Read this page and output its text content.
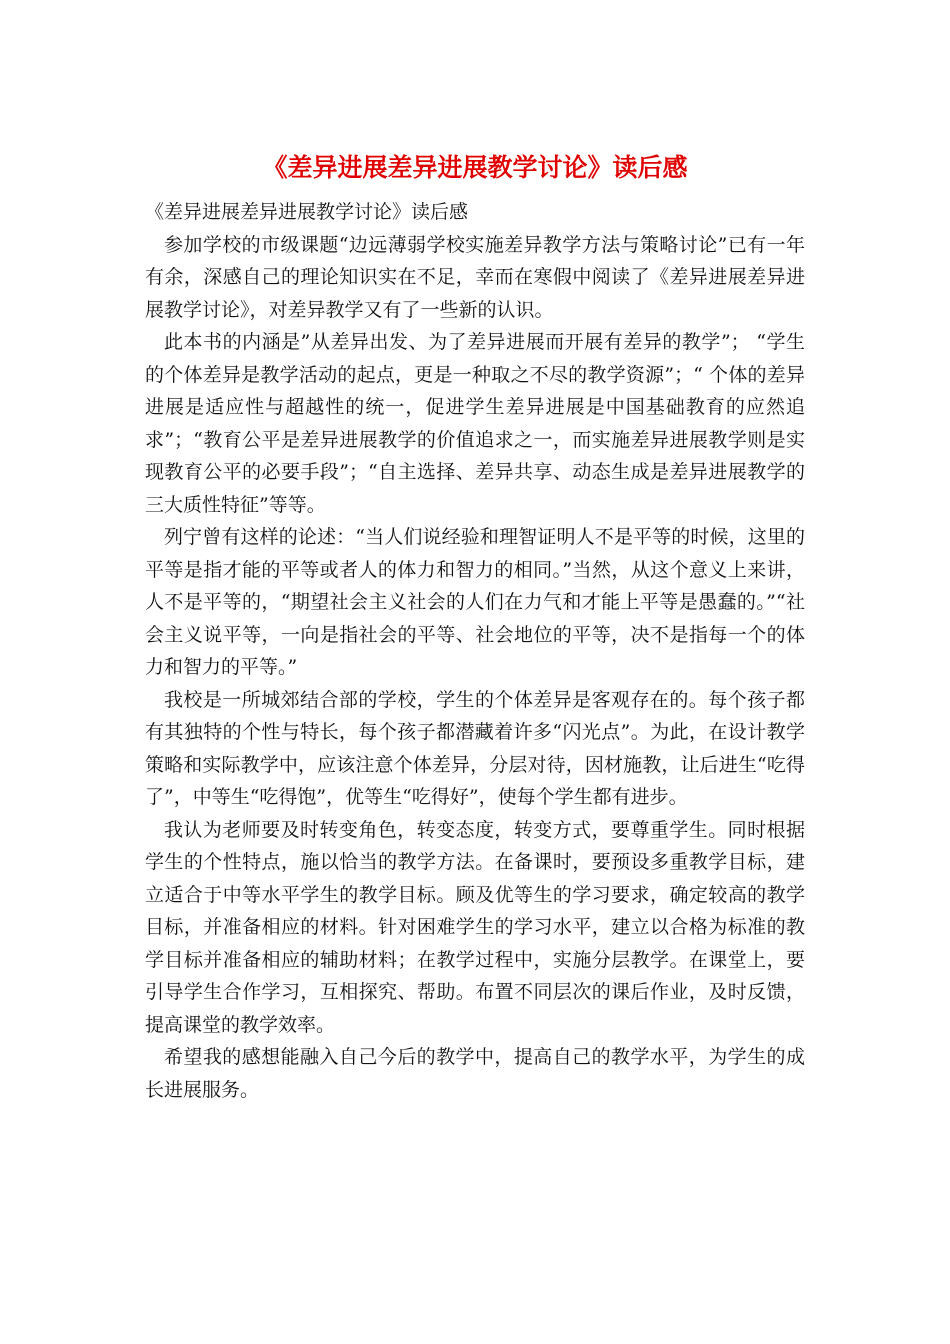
《差异进展差异进展教学讨论》读后感

《差异进展差异进展教学讨论》读后感

参加学校的市级课题“边远薄弱学校实施差异教学方法与策略讨论”已有一年有余，深感自己的理论知识实在不足，幸而在寒假中阅读了《差异进展差异进展教学讨论》，对差异教学又有了一些新的认识。

此本书的内涵是”从差异出发、为了差异进展而开展有差异的教学”； “学生的个体差异是教学活动的起点，更是一种取之不尽的教学资源”；“ 个体的差异进展是适应性与超越性的统一，促进学生差异进展是中国基础教育的应然追求”；“教育公平是差异进展教学的价值追求之一，而实施差异进展教学则是实现教育公平的必要手段”；“自主选择、差异共享、动态生成是差异进展教学的三大质性特征”等等。

列宁曾有这样的论述：“当人们说经验和理智证明人不是平等的时候，这里的平等是指才能的平等或者人的体力和智力的相同。”当然，从这个意义上来讲，人不是平等的，“期望社会主义社会的人们在力气和才能上平等是愚蠢的。”“社会主义说平等，一向是指社会的平等、社会地位的平等，决不是指每一个的体力和智力的平等。”

我校是一所城郊结合部的学校，学生的个体差异是客观存在的。每个孩子都有其独特的个性与特长，每个孩子都潜藏着许多“闪光点”。为此，在设计教学策略和实际教学中，应该注意个体差异，分层对待，因材施教，让后进生“吃得了”，中等生“吃得饱”，优等生“吃得好”，使每个学生都有进步。

我认为老师要及时转变角色，转变态度，转变方式，要尊重学生。同时根据学生的个性特点，施以恰当的教学方法。在备课时，要预设多重教学目标，建立适合于中等水平学生的教学目标。顾及优等生的学习要求，确定较高的教学目标，并准备相应的材料。针对困难学生的学习水平，建立以合格为标准的教学目标并准备相应的辅助材料；在教学过程中，实施分层教学。在课堂上，要引导学生合作学习，互相探究、帮助。布置不同层次的课后作业，及时反馈，提高课堂的教学效率。

希望我的感想能融入自己今后的教学中，提高自己的教学水平，为学生的成长进展服务。
